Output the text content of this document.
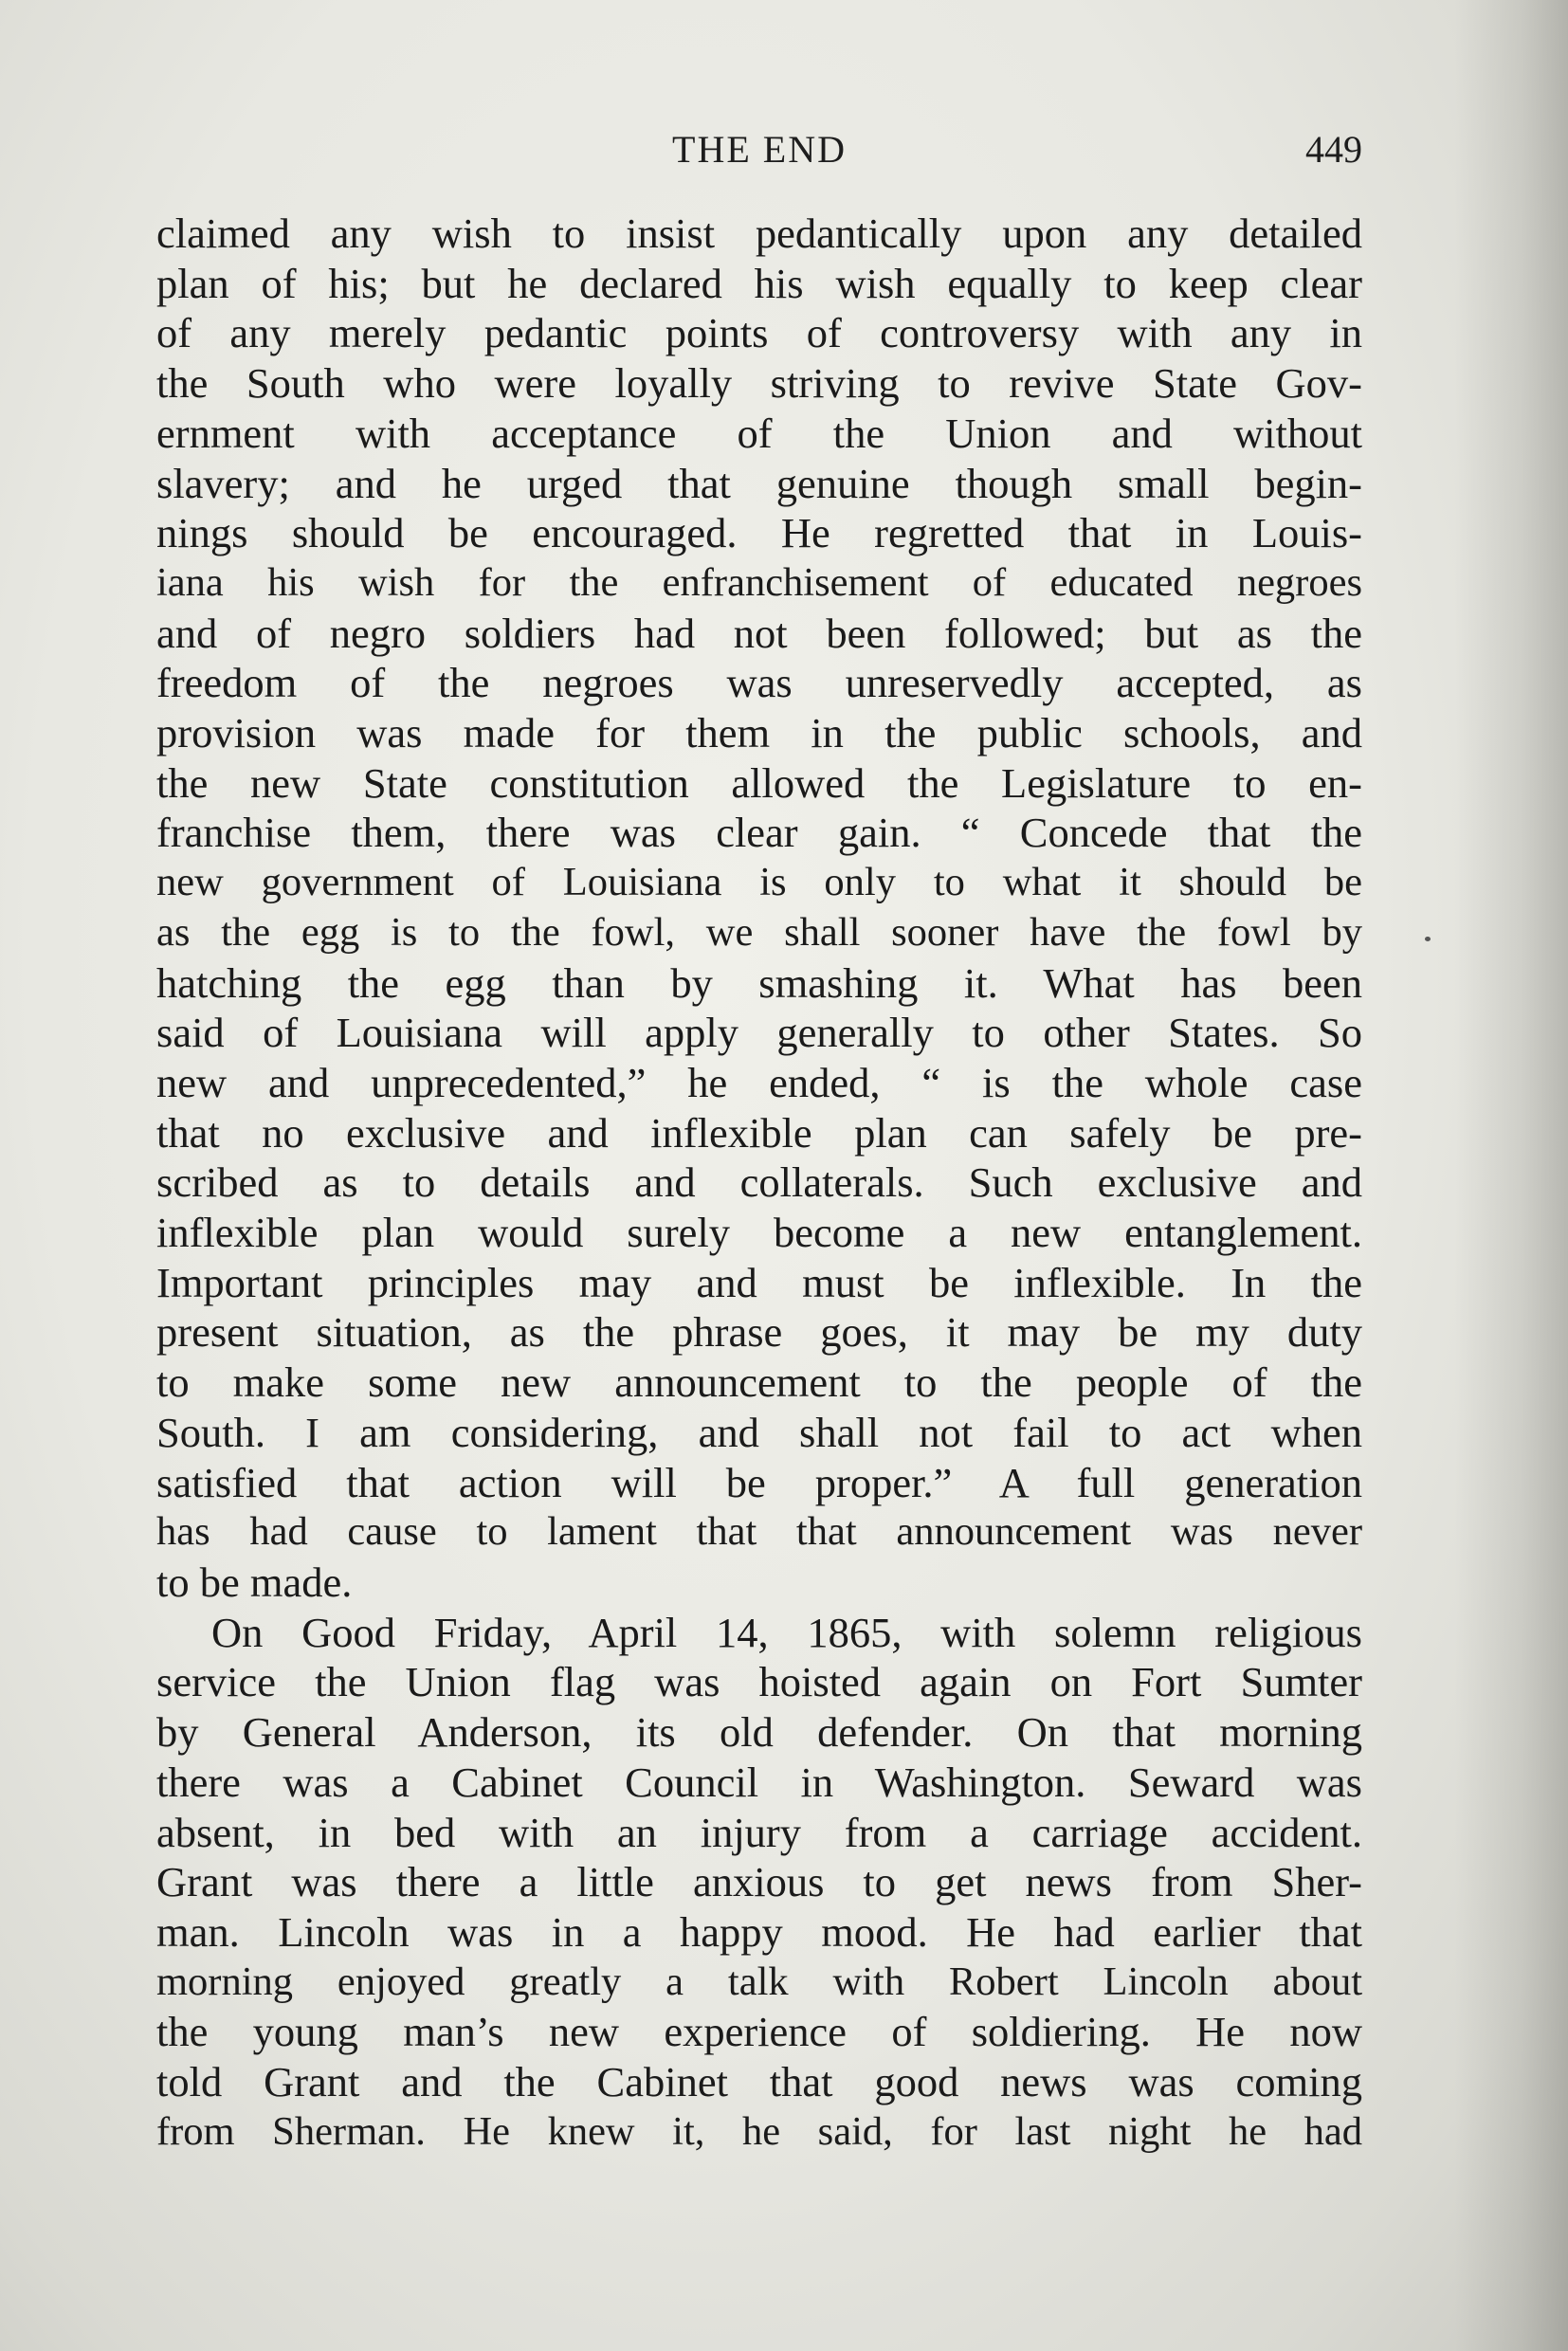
THE END	449
claimed any wish to insist pedantically upon any detailed
plan of his; but he declared his wish equally to keep clear
of any merely pedantic points of controversy with any in
the South who were loyally striving to revive State Gov-
ernment with acceptance of the Union and without
slavery; and he urged that genuine though small begin-
nings should be encouraged. He regretted that in Louis-
iana his wish for the enfranchisement of educated negroes
and of negro soldiers had not been followed; but as the
freedom of the negroes was unreservedly accepted, as
provision was made for them in the public schools, and
the new State constitution allowed the Legislature to en-
franchise them, there was clear gain. “ Concede that the
new government of Louisiana is only to what it should be
as the egg is to the fowl, we shall sooner have the fowl by
hatching the egg than by smashing it. What has been
said of Louisiana will apply generally to other States. So
new and unprecedented,” he ended, “ is the whole case
that no exclusive and inflexible plan can safely be pre-
scribed as to details and collaterals. Such exclusive and
inflexible plan would surely become a new entanglement.
Important principles may and must be inflexible. In the
present situation, as the phrase goes, it may be my duty
to make some new announcement to the people of the
South. I am considering, and shall not fail to act when
satisfied that action will be proper.” A full generation
has had cause to lament that that announcement was never
to be made.
On Good Friday, April 14, 1865, with solemn religious
service the Union flag was hoisted again on Fort Sumter
by General Anderson, its old defender. On that morning
there was a Cabinet Council in Washington. Seward was
absent, in bed with an injury from a carriage accident.
Grant was there a little anxious to get news from Sher-
man. Lincoln was in a happy mood. He had earlier that
morning enjoyed greatly a talk with Robert Lincoln about
the young man’s new experience of soldiering. He now
told Grant and the Cabinet that good news was coming
from Sherman. He knew it, he said, for last night he had
